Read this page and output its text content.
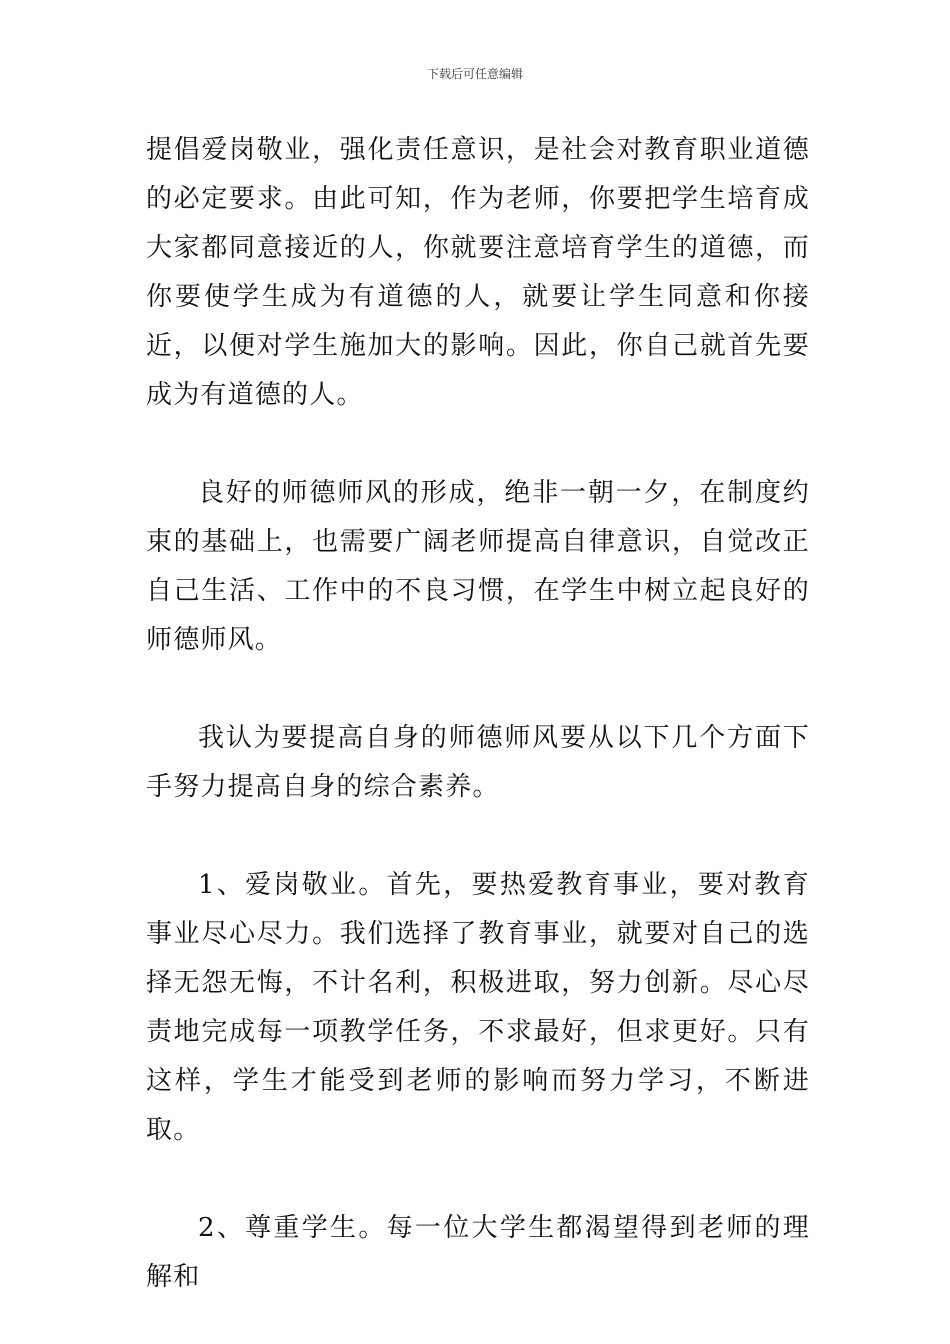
下载后可任意编辑

提倡爱岗敬业，强化责任意识，是社会对教育职业道德的必定要求。由此可知，作为老师，你要把学生培育成大家都同意接近的人，你就要注意培育学生的道德，而你要使学生成为有道德的人，就要让学生同意和你接近，以便对学生施加大的影响。因此，你自己就首先要成为有道德的人。

良好的师德师风的形成，绝非一朝一夕，在制度约束的基础上，也需要广阔老师提高自律意识，自觉改正自己生活、工作中的不良习惯，在学生中树立起良好的师德师风。

我认为要提高自身的师德师风要从以下几个方面下手努力提高自身的综合素养。

1、爱岗敬业。首先，要热爱教育事业，要对教育事业尽心尽力。我们选择了教育事业，就要对自己的选择无怨无悔，不计名利，积极进取，努力创新。尽心尽责地完成每一项教学任务，不求最好，但求更好。只有这样，学生才能受到老师的影响而努力学习，不断进取。

2、尊重学生。每一位大学生都渴望得到老师的理解和
